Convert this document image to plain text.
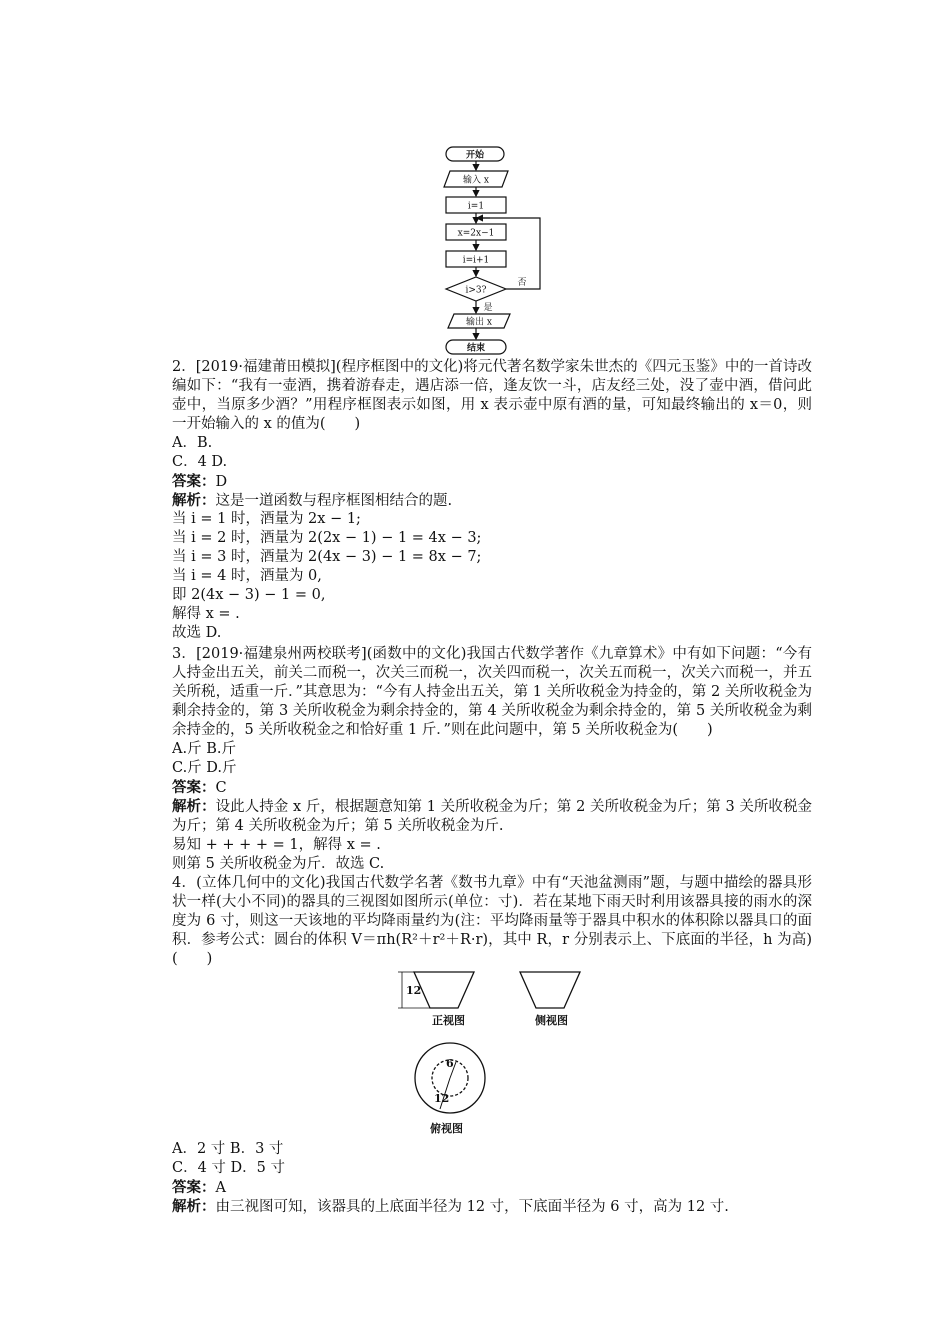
开始
输入 x
i=1
x=2x−1
i=i+1
i>3?
是
否
输出 x
结束
2．[2019·福建莆田模拟](程序框图中的文化)将元代著名数学家朱世杰的《四元玉鉴》中的一首诗改编如下：“我有一壶酒，携着游春走，遇店添一倍，逢友饮一斗，店友经三处，没了壶中酒，借问此壶中，当原多少酒？”用程序框图表示如图，用 x 表示壶中原有酒的量，可知最终输出的 x＝0，则一开始输入的 x 的值为(　　)
A．B.
C．4 D.
答案：D
解析：这是一道函数与程序框图相结合的题.
当 i = 1 时，酒量为 2x − 1;
当 i = 2 时，酒量为 2(2x − 1) − 1 = 4x − 3;
当 i = 3 时，酒量为 2(4x − 3) − 1 = 8x − 7;
当 i = 4 时，酒量为 0,
即 2(4x − 3) − 1 = 0,
解得 x = .
故选 D.
3．[2019·福建泉州两校联考](函数中的文化)我国古代数学著作《九章算术》中有如下问题：“今有人持金出五关，前关二而税一，次关三而税一，次关四而税一，次关五而税一，次关六而税一，并五关所税，适重一斤．”其意思为：“今有人持金出五关，第 1 关所收税金为持金的，第 2 关所收税金为剩余持金的，第 3 关所收税金为剩余持金的，第 4 关所收税金为剩余持金的，第 5 关所收税金为剩余持金的，5 关所收税金之和恰好重 1 斤．”则在此问题中，第 5 关所收税金为(　　)
A.斤 B.斤
C.斤 D.斤
答案：C
解析：设此人持金 x 斤，根据题意知第 1 关所收税金为斤；第 2 关所收税金为斤；第 3 关所收税金为斤；第 4 关所收税金为斤；第 5 关所收税金为斤.
易知 + + + + = 1，解得 x = .
则第 5 关所收税金为斤．故选 C.
4．(立体几何中的文化)我国古代数学名著《数书九章》中有“天池盆测雨”题，与题中描绘的器具形状一样(大小不同)的器具的三视图如图所示(单位：寸)．若在某地下雨天时利用该器具接的雨水的深度为 6 寸，则这一天该地的平均降雨量约为(注：平均降雨量等于器具中积水的体积除以器具口的面积．参考公式：圆台的体积 V＝πh(R²＋r²＋R·r)，其中 R，r 分别表示上、下底面的半径，h 为高)(　　)
12
正视图	侧视图
6
12
俯视图
A．2 寸 B．3 寸
C．4 寸 D．5 寸
答案：A
解析：由三视图可知，该器具的上底面半径为 12 寸，下底面半径为 6 寸，高为 12 寸.
